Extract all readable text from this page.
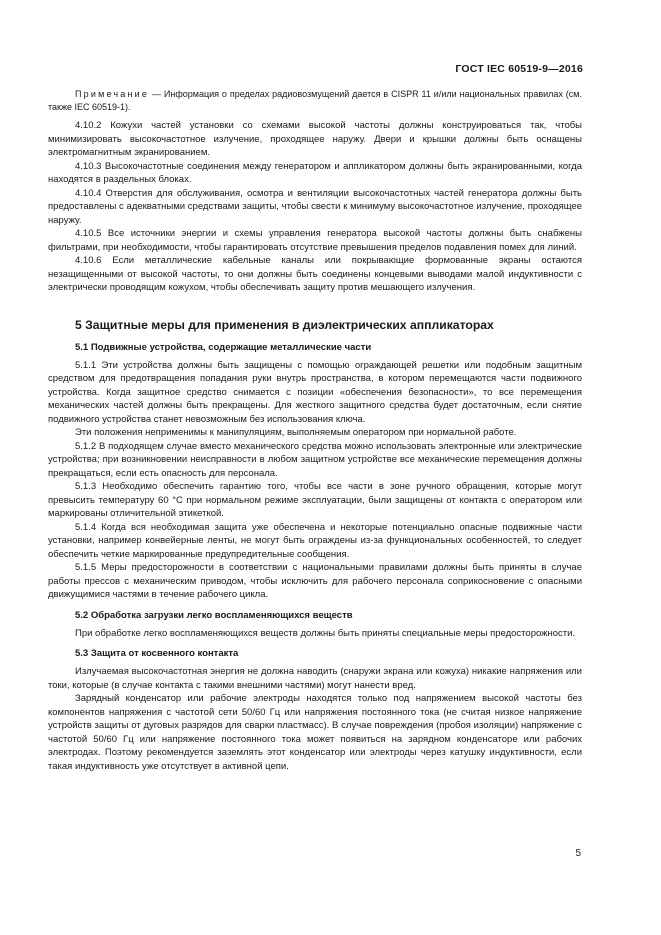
ГОСТ IEC 60519-9—2016
Примечание — Информация о пределах радиовозмущений дается в CISPR 11 и/или национальных правилах (см. также IEC 60519-1).

4.10.2 Кожухи частей установки со схемами высокой частоты должны конструироваться так, чтобы минимизировать высокочастотное излучение, проходящее наружу. Двери и крышки должны быть оснащены электромагнитным экранированием.

4.10.3 Высокочастотные соединения между генератором и аппликатором должны быть экранированными, когда находятся в раздельных блоках.

4.10.4 Отверстия для обслуживания, осмотра и вентиляции высокочастотных частей генератора должны быть предоставлены с адекватными средствами защиты, чтобы свести к минимуму высокочастотное излучение, проходящее наружу.

4.10.5 Все источники энергии и схемы управления генератора высокой частоты должны быть снабжены фильтрами, при необходимости, чтобы гарантировать отсутствие превышения пределов подавления помех для линий.

4.10.6 Если металлические кабельные каналы или покрывающие формованные экраны остаются незащищенными от высокой частоты, то они должны быть соединены концевыми выводами малой индуктивности с электрически проводящим кожухом, чтобы обеспечивать защиту против мешающего излучения.

5 Защитные меры для применения в диэлектрических аппликаторах
5.1 Подвижные устройства, содержащие металлические части

5.1.1 Эти устройства должны быть защищены с помощью ограждающей решетки или подобным защитным средством для предотвращения попадания руки внутрь пространства, в котором перемещаются части подвижного устройства. Когда защитное средство снимается с позиции «обеспечения безопасности», то все перемещения механических частей должны быть прекращены. Для жесткого защитного средства будет достаточным, если снятие подвижного устройства станет невозможным без использования ключа.

Эти положения неприменимы к манипуляциям, выполняемым оператором при нормальной работе.

5.1.2 В подходящем случае вместо механического средства можно использовать электронные или электрические устройства; при возникновении неисправности в любом защитном устройстве все механические перемещения должны прекращаться, если есть опасность для персонала.

5.1.3 Необходимо обеспечить гарантию того, чтобы все части в зоне ручного обращения, которые могут превысить температуру 60 °C при нормальном режиме эксплуатации, были защищены от контакта с оператором или маркированы отличительной этикеткой.

5.1.4 Когда вся необходимая защита уже обеспечена и некоторые потенциально опасные подвижные части установки, например конвейерные ленты, не могут быть ограждены из-за функциональных особенностей, то следует обеспечить четкие маркированные предупредительные сообщения.

5.1.5 Меры предосторожности в соответствии с национальными правилами должны быть приняты в случае работы прессов с механическим приводом, чтобы исключить для рабочего персонала соприкосновение с опасными движущимися частями в течение рабочего цикла.

5.2 Обработка загрузки легко воспламеняющихся веществ

При обработке легко воспламеняющихся веществ должны быть приняты специальные меры предосторожности.

5.3 Защита от косвенного контакта

Излучаемая высокочастотная энергия не должна наводить (снаружи экрана или кожуха) никакие напряжения или токи, которые (в случае контакта с такими внешними частями) могут нанести вред.

Зарядный конденсатор или рабочие электроды находятся только под напряжением высокой частоты без компонентов напряжения с частотой сети 50/60 Гц или напряжения постоянного тока (не считая низкое напряжение устройств защиты от дуговых разрядов для сварки пластмасс). В случае повреждения (пробоя изоляции) напряжение с частотой 50/60 Гц или напряжение постоянного тока может появиться на зарядном конденсаторе или рабочих электродах. Поэтому рекомендуется заземлять этот конденсатор или электроды через катушку индуктивности, если такая индуктивность уже отсутствует в активной цепи.

5
